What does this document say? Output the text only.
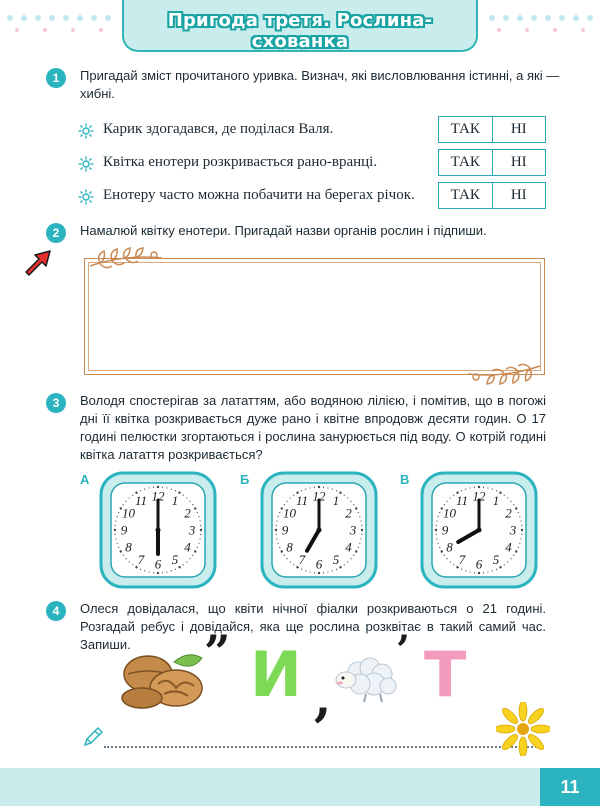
Пригода третя. Рослина-схованка
1	Пригадай зміст прочитаного уривка. Визнач, які висловлювання істинні, а які — хибні.
Карик здогадався, де поділася Валя.	ТАК	НІ
Квітка енотери розкривається рано-вранці.	ТАК	НІ
Енотеру часто можна побачити на берегах річок.	ТАК	НІ
2	Намалюй квітку енотери. Пригадай назви органів рослин і підпиши.
3	Володя спостерігав за лататтям, або водяною лілією, і помітив, що в погожі дні її квітка розкривається дуже рано і квітне впродовж десяти годин. О 17 годині пелюстки згортаються і рослина занурюється під воду. О котрій годині квітка латаття розкривається?
А	Б	В
12 1
2
3
4
5
6
7
8
9
10
11	12 1
2
3
4
5
6
7
8
9
10
11	12 1
2
3
4
5
6
7
8
9
10
11
4	Олеся довідалася, що квіти нічної фіалки розкриваються о 21 годині. Розгадай ребус і довідайся, яка ще рослина розквітає в такий самий час. Запиши.	” И ,
’ Т
11
